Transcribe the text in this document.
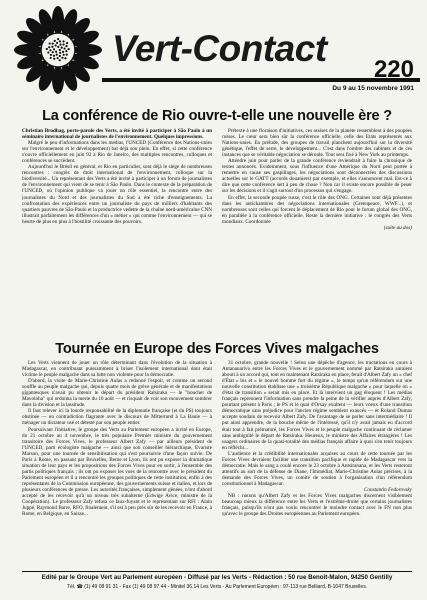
Vert-Contact
220
Du 9 au 15 novembre 1991
La conférence de Rio ouvre-t-elle une nouvelle ère ?

Christian Brodhag, porte-parole des Verts, a été invité à participer à São Paulo à un séminaire international de journalistes de l'environnement. Quelques impressions.

Malgré le peu d'informations dans les médias, l'UNCED (Conférence des Nations-unies sur l'environnement et le développement) bat déjà son plein. En effet, si cette conférence s'ouvre officiellement en juin 92 à Rio de Janeiro, des multiples rencontres, colloques et conférences se succèdent.

Aujourd'hui le Brésil en général, et Rio en particulier, sont déjà le siège de nombreuses rencontres : congrès de droit international de l'environnement, colloque sur la biodiversité... Un représentant des Verts a été invité à participer à un forum de journalistes de l'environnement qui vient de se tenir à São Paulo. Dans le contexte de la préparation de l'UNCED, où l'opinion publique va jouer un rôle essentiel, la rencontre entre des journalistes du Nord et des journalistes du Sud a été riche d'enseignements. La confrontation des expériences entre un journaliste du pays de milliers d'habitants des quartiers pauvres de São-Paulo et la productrice vedette de la chaîne nord-américaine CNN illustrait parfaitement les différences d'un « métier » qui comme l'environnement — qui se heurte de plus en plus à l'hostilité croissante des pouvoirs.

Prétexte à une floraison d'initiatives, ces assises de la planète ressemblent à des poupées russes. Le cœur sera bien sûr la conférence officielle, celle des Etats représentés aux Nations-unies. En prélude, des groupes de travail planchent aujourd'hui sur la diversité génétique, l'effet de serre, le développement... C'est dans l'ombre des cabinets et de ces instances que se véritable négociation se déroule. Tout sera fixé à New York au printemps.

Attendre juin pour parler de la grande conférence reviendrait à faire la chronique de textes annoncés. Evidemment, sous l'influence d'une Amérique du Nord peut portée à remettre en cause ses gaspillages, les négociations sont déconnectées des discussions actuelles sur le GATT (accords douaniers) par exemple, et elles s'annoncent mal. Est-ce à dire que cette conférence sert à peu de chose ? Non car il existe encore possible de peser sur les décisions et il s'agit surtout d'un processus qui s'engage.

En effet, la seconde poupée russe, c'est le rôle des ONG. Certaines sont déjà présentes dans les antichambres des négociations internationales (Greenpeace, WWF...), et nombreuses sont celles qui forcent le déplacement de Rio pour le forum global des ONG, en parallèle à la conférence officielle. Reste la dernière initiative : le congrès des Verts mondiaux. Coordonnée

(suite au dos)

Tournée en Europe des Forces Vives malgaches

Les Verts viennent de jouer un rôle déterminant dans l'évolution de la situation à Madagascar, en contribuant puissamment à briser l'isolement international dont était victime le peuple malgache dans sa lutte non violente pour la démocratie.

D'abord, la visite de Marie-Christine Aulas a redonné l'espoir, et comme un second souffle au peuple malgache qui, depuis quatre mois de grève générale et de manifestations gigantesques n'avait pu obtenir le départ du président Ratsiraka — le "boucher de Mavoloha" qui ordonna la tuerie du 10 août — et risquait de voir son mouvement sombrer dans la division et la lassitude.

Il faut relever ici la lourde responsabilité de la diplomatie française (et du PS) toujours obstinée — en contradiction flagrante avec le discours de Mitterrand à La Baule — à ménager un dictateur usé et détesté par son peuple entier.

Poursuivant l'initiative, le groupe des Verts au Parlement européen a invité en Europe, du 21 octobre au 4 novembre, le très populaire Premier ministre du gouvernement transitoire des Forces Vives, le professeur Albert Zafy — par ailleurs président de l'UNCED, parti écologiste malgache — ainsi que son conseiller hiérarchique, Evariste Marson, pour une tournée de sensibilisation qui s'est poursuivie d'une façon suivie. De Paris à Rome, en passant par Bruxelles, Berne et Lyon, ils ont pu exposer la dramatique situation de leur pays et les propositions des Forces Vives pour en sortir, à l'ensemble des partis politiques français ; ils ont pu exposer les vues de la rencontre avec le président du Parlement européen et il a rencontré les groupes politiques de cette institution, enfin à des représentants de la Commission européenne, des gouvernements suisse et italien, et lors de plusieurs conférences de presse. Les autorités françaises, simplement gênées, n'ont d'abord accepté de les recevoir qu'à un niveau très subalterne (Edwige Avice, ministre de la Coopération). Le professeur Zafy refusa ce faux-fuyant et le représentant sur RFI : Alain Juppé, Raymond Barre, RFO, finalement, s'il est à peu près sûr de les recevoir en France, à Rome, en Belgique, en Suisse...

31 octobre, grande nouvelle ! Selon une dépêche d'agence, les tractations en cours à Antananarivo entre les Forces Vives et le gouvernement nommé par Ratsiraka auraient abouti à un accord qui, tout en maintenant Ratsiraka en place, ferait d'Albert Zafy un « chef d'État » bis et « le nouvel homme fort du régime », le temps qu'un référendum sur une nouvelle constitution établisse une « troisième République malgache » pour laquelle on « d'état de transition » serait mis en place. Et là intervient un gag éloquent ! Les médias français reprennent l'information sans prendre la peine de la vérifier auprès d'Albert Zafy, pourtant présent à Paris ; le PS et le quai d'Orsay exultent — leurs voeux d'une transition démocratique sans préjudice pour l'ancien régime semblent exaucés — et Roland Dumas accepte soudain de recevoir Albert Zafy. De l'avantage de se parler sans intermédiaire ! Il put ainsi apprendre, de la bouche même de l'intéressé, qu'il n'y avait jamais eu d'accord était tout à fait prématuré, les Forces Vives et le peuple malgache continuant de réclamer sans ambiguïté le départ de Ratsiraka. Heureux, le ministre des Affaires étrangères ! Les usagers ordinaires de la quasi-totalité des médias français affaire à quoi s'en tenir toujours en réfléchi...

L'audience et la crédibilité internationales acquises au cours de cette tournée par les Forces Vives devraient faciliter une transition pacifique et rapide de Madagascar vers la démocratie. Mais le sang a coulé encore le 23 octobre à Antsiranana, et les Verts resteront attentifs au sort de la défense de Diane, l'Immédiat, Marie-Christine Aulas précises, à la demande des Forces Vives, un comité de soutien à l'organisation d'un référendum constitutionnel à Madagascar.

Constantin Fedorovsky

NB : notons qu'Albert Zafy et les Forces Vives malgaches discernent visiblement beaucoup mieux la différence entre les Verts et l'extrême-droite que certains journalistes français, puisqu'ils n'ont pas voulu rencontrer le moindre contact avec le FN non plus qu'avec le groupe des Droites européennes au Parlement européen.

Edité par le Groupe Vert au Parlement européen - Diffusé par les Verts - Rédaction : 50 rue Benoît-Malon, 94250 Gentilly
Tél. ☎ (1) 49 08 91 31 - Fax (1) 49 08 97 44 - Minitel 36.14 Les Verts - Au Parlement Européen : 97-113 rue Belliard, B-1047 Bruxelles.
